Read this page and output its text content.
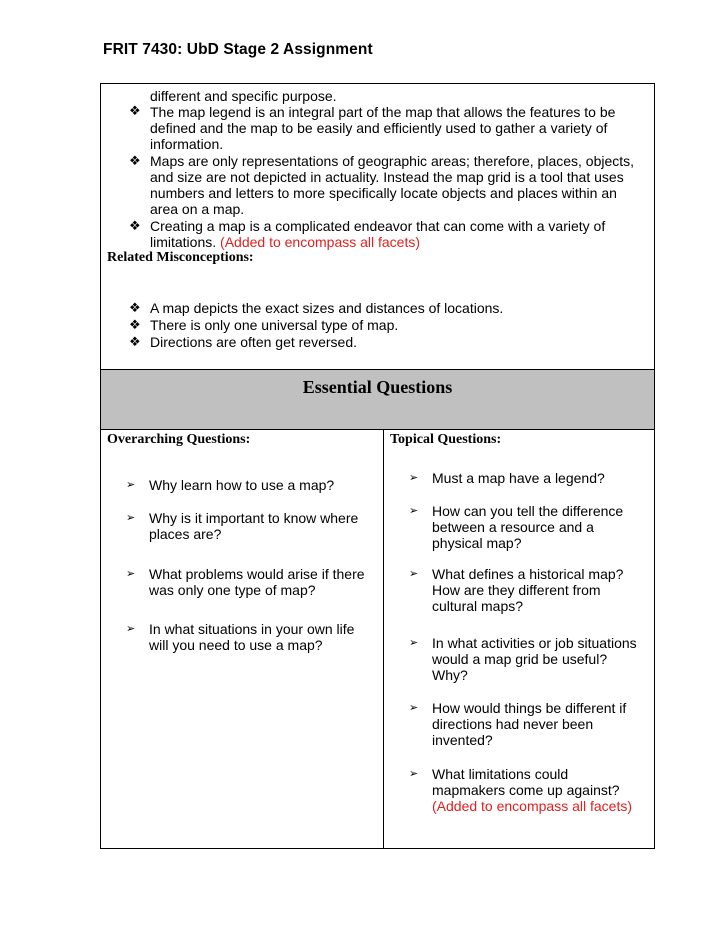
FRIT 7430: UbD Stage 2 Assignment
different and specific purpose.
❖ The map legend is an integral part of the map that allows the features to be
defined and the map to be easily and efficiently used to gather a variety of
information.
❖ Maps are only representations of geographic areas; therefore, places, objects,
and size are not depicted in actuality. Instead the map grid is a tool that uses
numbers and letters to more specifically locate objects and places within an
area on a map.
❖ Creating a map is a complicated endeavor that can come with a variety of
limitations. (Added to encompass all facets)
Related Misconceptions:
❖ A map depicts the exact sizes and distances of locations.
❖ There is only one universal type of map.
❖ Directions are often get reversed.
Essential Questions
Overarching Questions:
➢ Why learn how to use a map?
➢ Why is it important to know where
places are?
➢ What problems would arise if there
was only one type of map?
➢ In what situations in your own life
will you need to use a map?
Topical Questions:
➢ Must a map have a legend?
➢ How can you tell the difference
between a resource and a
physical map?
➢ What defines a historical map?
How are they different from
cultural maps?
➢ In what activities or job situations
would a map grid be useful?
Why?
➢ How would things be different if
directions had never been
invented?
➢ What limitations could
mapmakers come up against?
(Added to encompass all facets)
